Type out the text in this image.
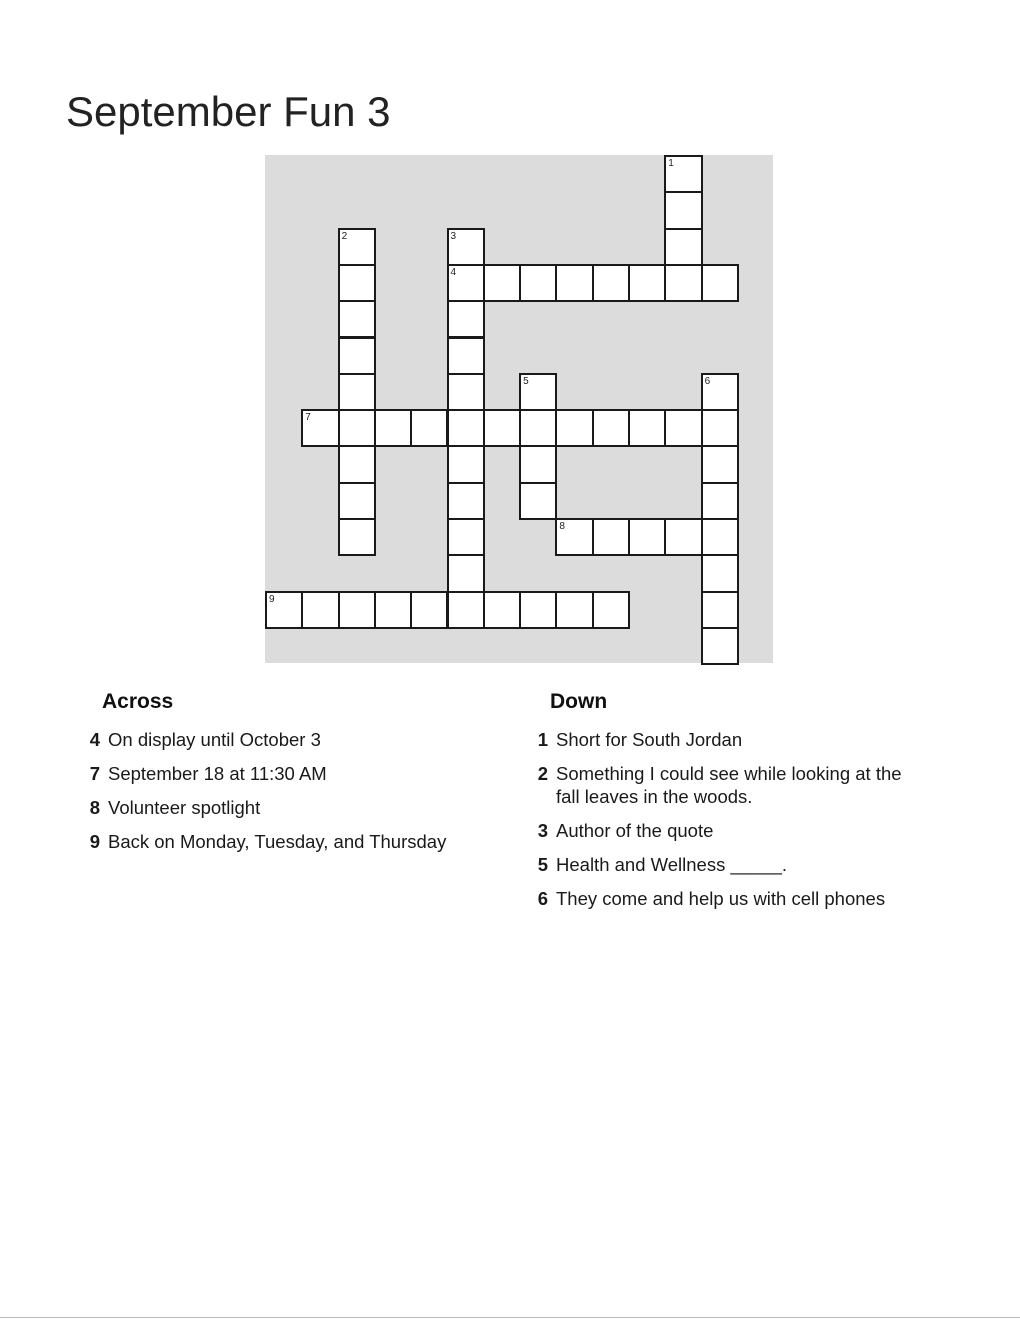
September Fun 3
1
2	3
4
5	6
7
8
9
Across
4 On display until October 3
7 September 18 at 11:30 AM
8 Volunteer spotlight
9 Back on Monday, Tuesday, and Thursday
Down
1 Short for South Jordan
2 Something I could see while looking at the fall leaves in the woods.
3 Author of the quote
5 Health and Wellness _____.
6 They come and help us with cell phones
